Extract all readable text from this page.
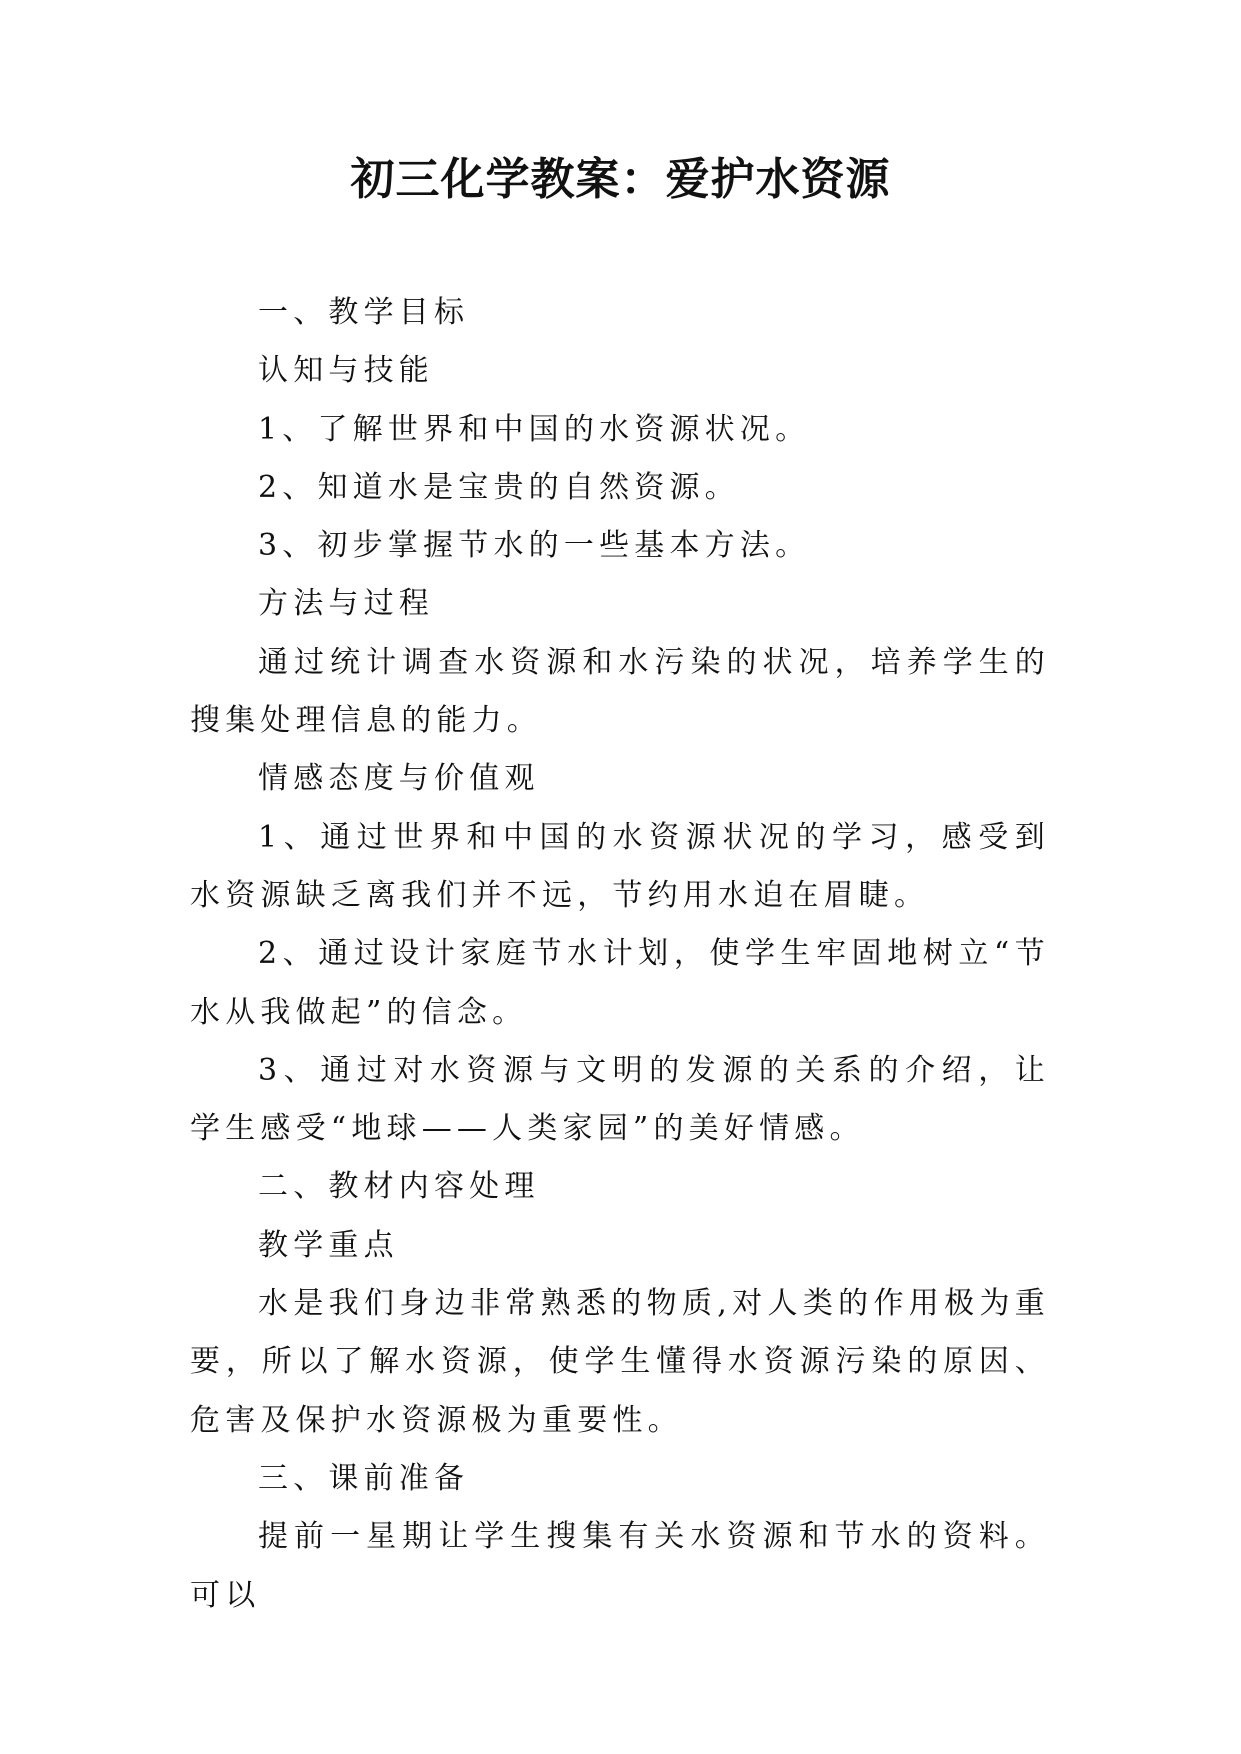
初三化学教案：爱护水资源

一、教学目标

认知与技能

1、了解世界和中国的水资源状况。

2、知道水是宝贵的自然资源。

3、初步掌握节水的一些基本方法。

方法与过程

通过统计调查水资源和水污染的状况，培养学生的搜集处理信息的能力。

情感态度与价值观

1、通过世界和中国的水资源状况的学习，感受到水资源缺乏离我们并不远，节约用水迫在眉睫。

2、通过设计家庭节水计划，使学生牢固地树立“节水从我做起”的信念。

3、通过对水资源与文明的发源的关系的介绍，让学生感受“地球——人类家园”的美好情感。

二、教材内容处理

教学重点

水是我们身边非常熟悉的物质,对人类的作用极为重要，所以了解水资源，使学生懂得水资源污染的原因、危害及保护水资源极为重要性。

三、课前准备

提前一星期让学生搜集有关水资源和节水的资料。可以
